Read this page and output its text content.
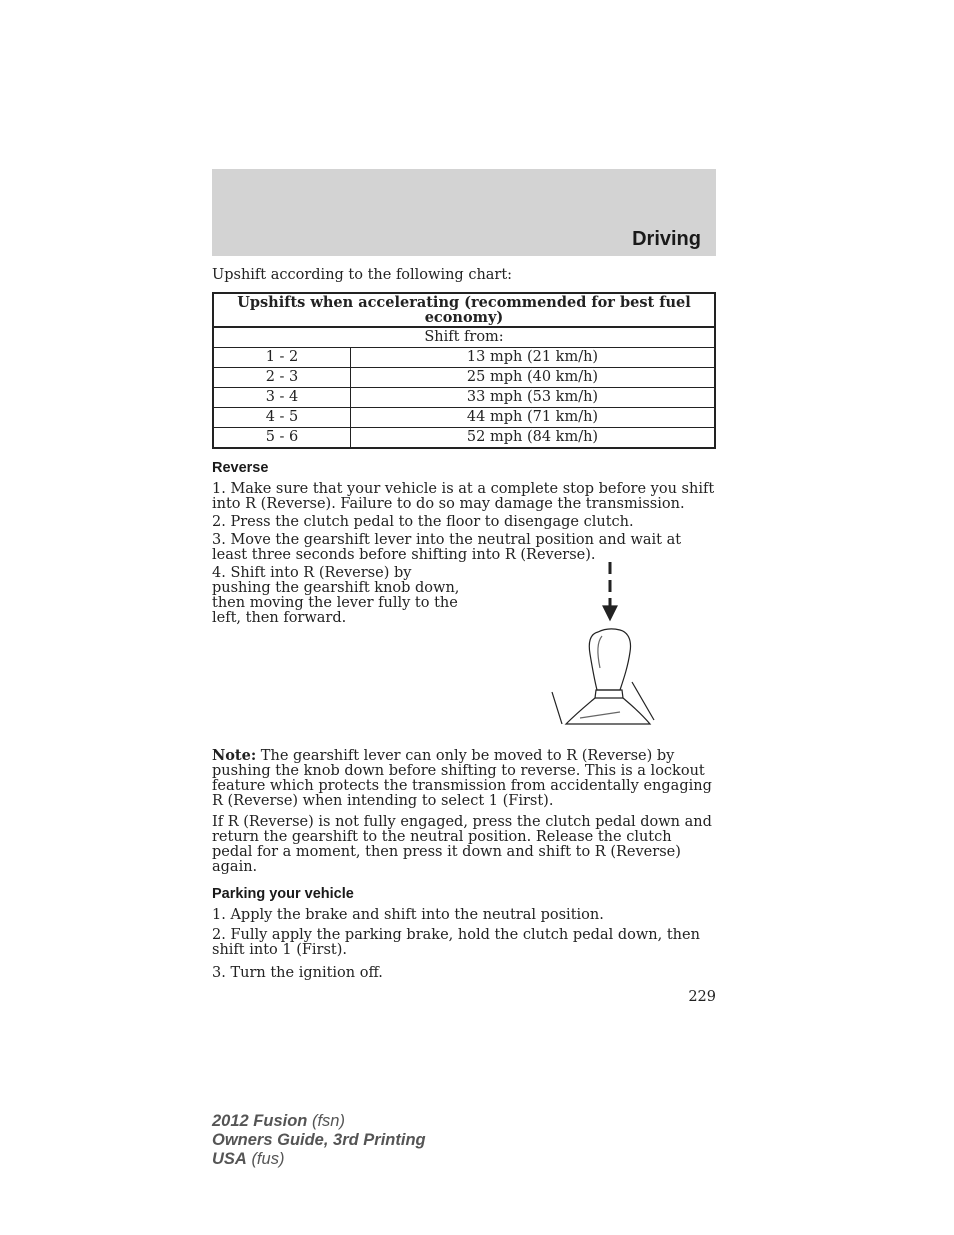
Driving

Upshift according to the following chart:

Upshifts when accelerating (recommended for best fuel economy)	
Shift from:	
1 - 2	13 mph (21 km/h)
2 - 3	25 mph (40 km/h)
3 - 4	33 mph (53 km/h)
4 - 5	44 mph (71 km/h)
5 - 6	52 mph (84 km/h)
Reverse

1. Make sure that your vehicle is at a complete stop before you shift into R (Reverse). Failure to do so may damage the transmission.

2. Press the clutch pedal to the floor to disengage clutch.

3. Move the gearshift lever into the neutral position and wait at least three seconds before shifting into R (Reverse).

4. Shift into R (Reverse) by pushing the gearshift knob down, then moving the lever fully to the left, then forward.

Note: The gearshift lever can only be moved to R (Reverse) by pushing the knob down before shifting to reverse. This is a lockout feature which protects the transmission from accidentally engaging R (Reverse) when intending to select 1 (First).

If R (Reverse) is not fully engaged, press the clutch pedal down and return the gearshift to the neutral position. Release the clutch pedal for a moment, then press it down and shift to R (Reverse) again.

Parking your vehicle

1. Apply the brake and shift into the neutral position.

2. Fully apply the parking brake, hold the clutch pedal down, then shift into 1 (First).

3. Turn the ignition off.

229

2012 Fusion (fsn)
Owners Guide, 3rd Printing
USA (fus)
